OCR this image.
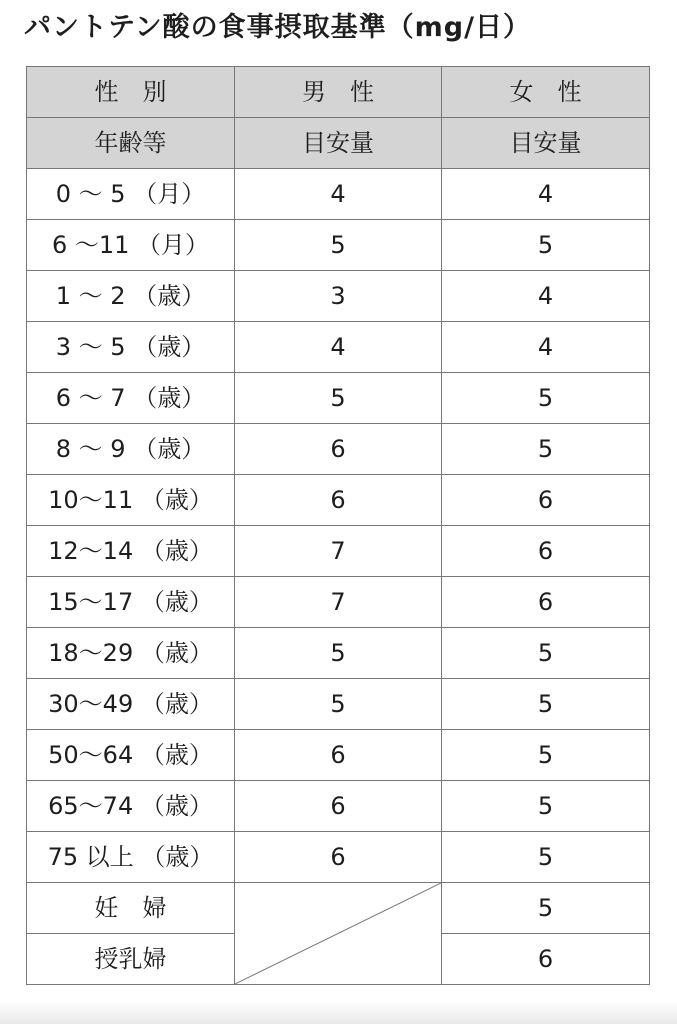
パントテン酸の食事摂取基準（mg/日）
性　別	男　性	女　性
年齢等	目安量	目安量
0 ～ 5 （月）	4	4
6 ～11 （月）	5	5
1 ～ 2 （歳）	3	4
3 ～ 5 （歳）	4	4
6 ～ 7 （歳）	5	5
8 ～ 9 （歳）	6	5
10～11 （歳）	6	6
12～14 （歳）	7	6
15～17 （歳）	7	6
18～29 （歳）	5	5
30～49 （歳）	5	5
50～64 （歳）	6	5
65～74 （歳）	6	5
75 以上 （歳）	6	5
妊　婦		5
授乳婦		6
